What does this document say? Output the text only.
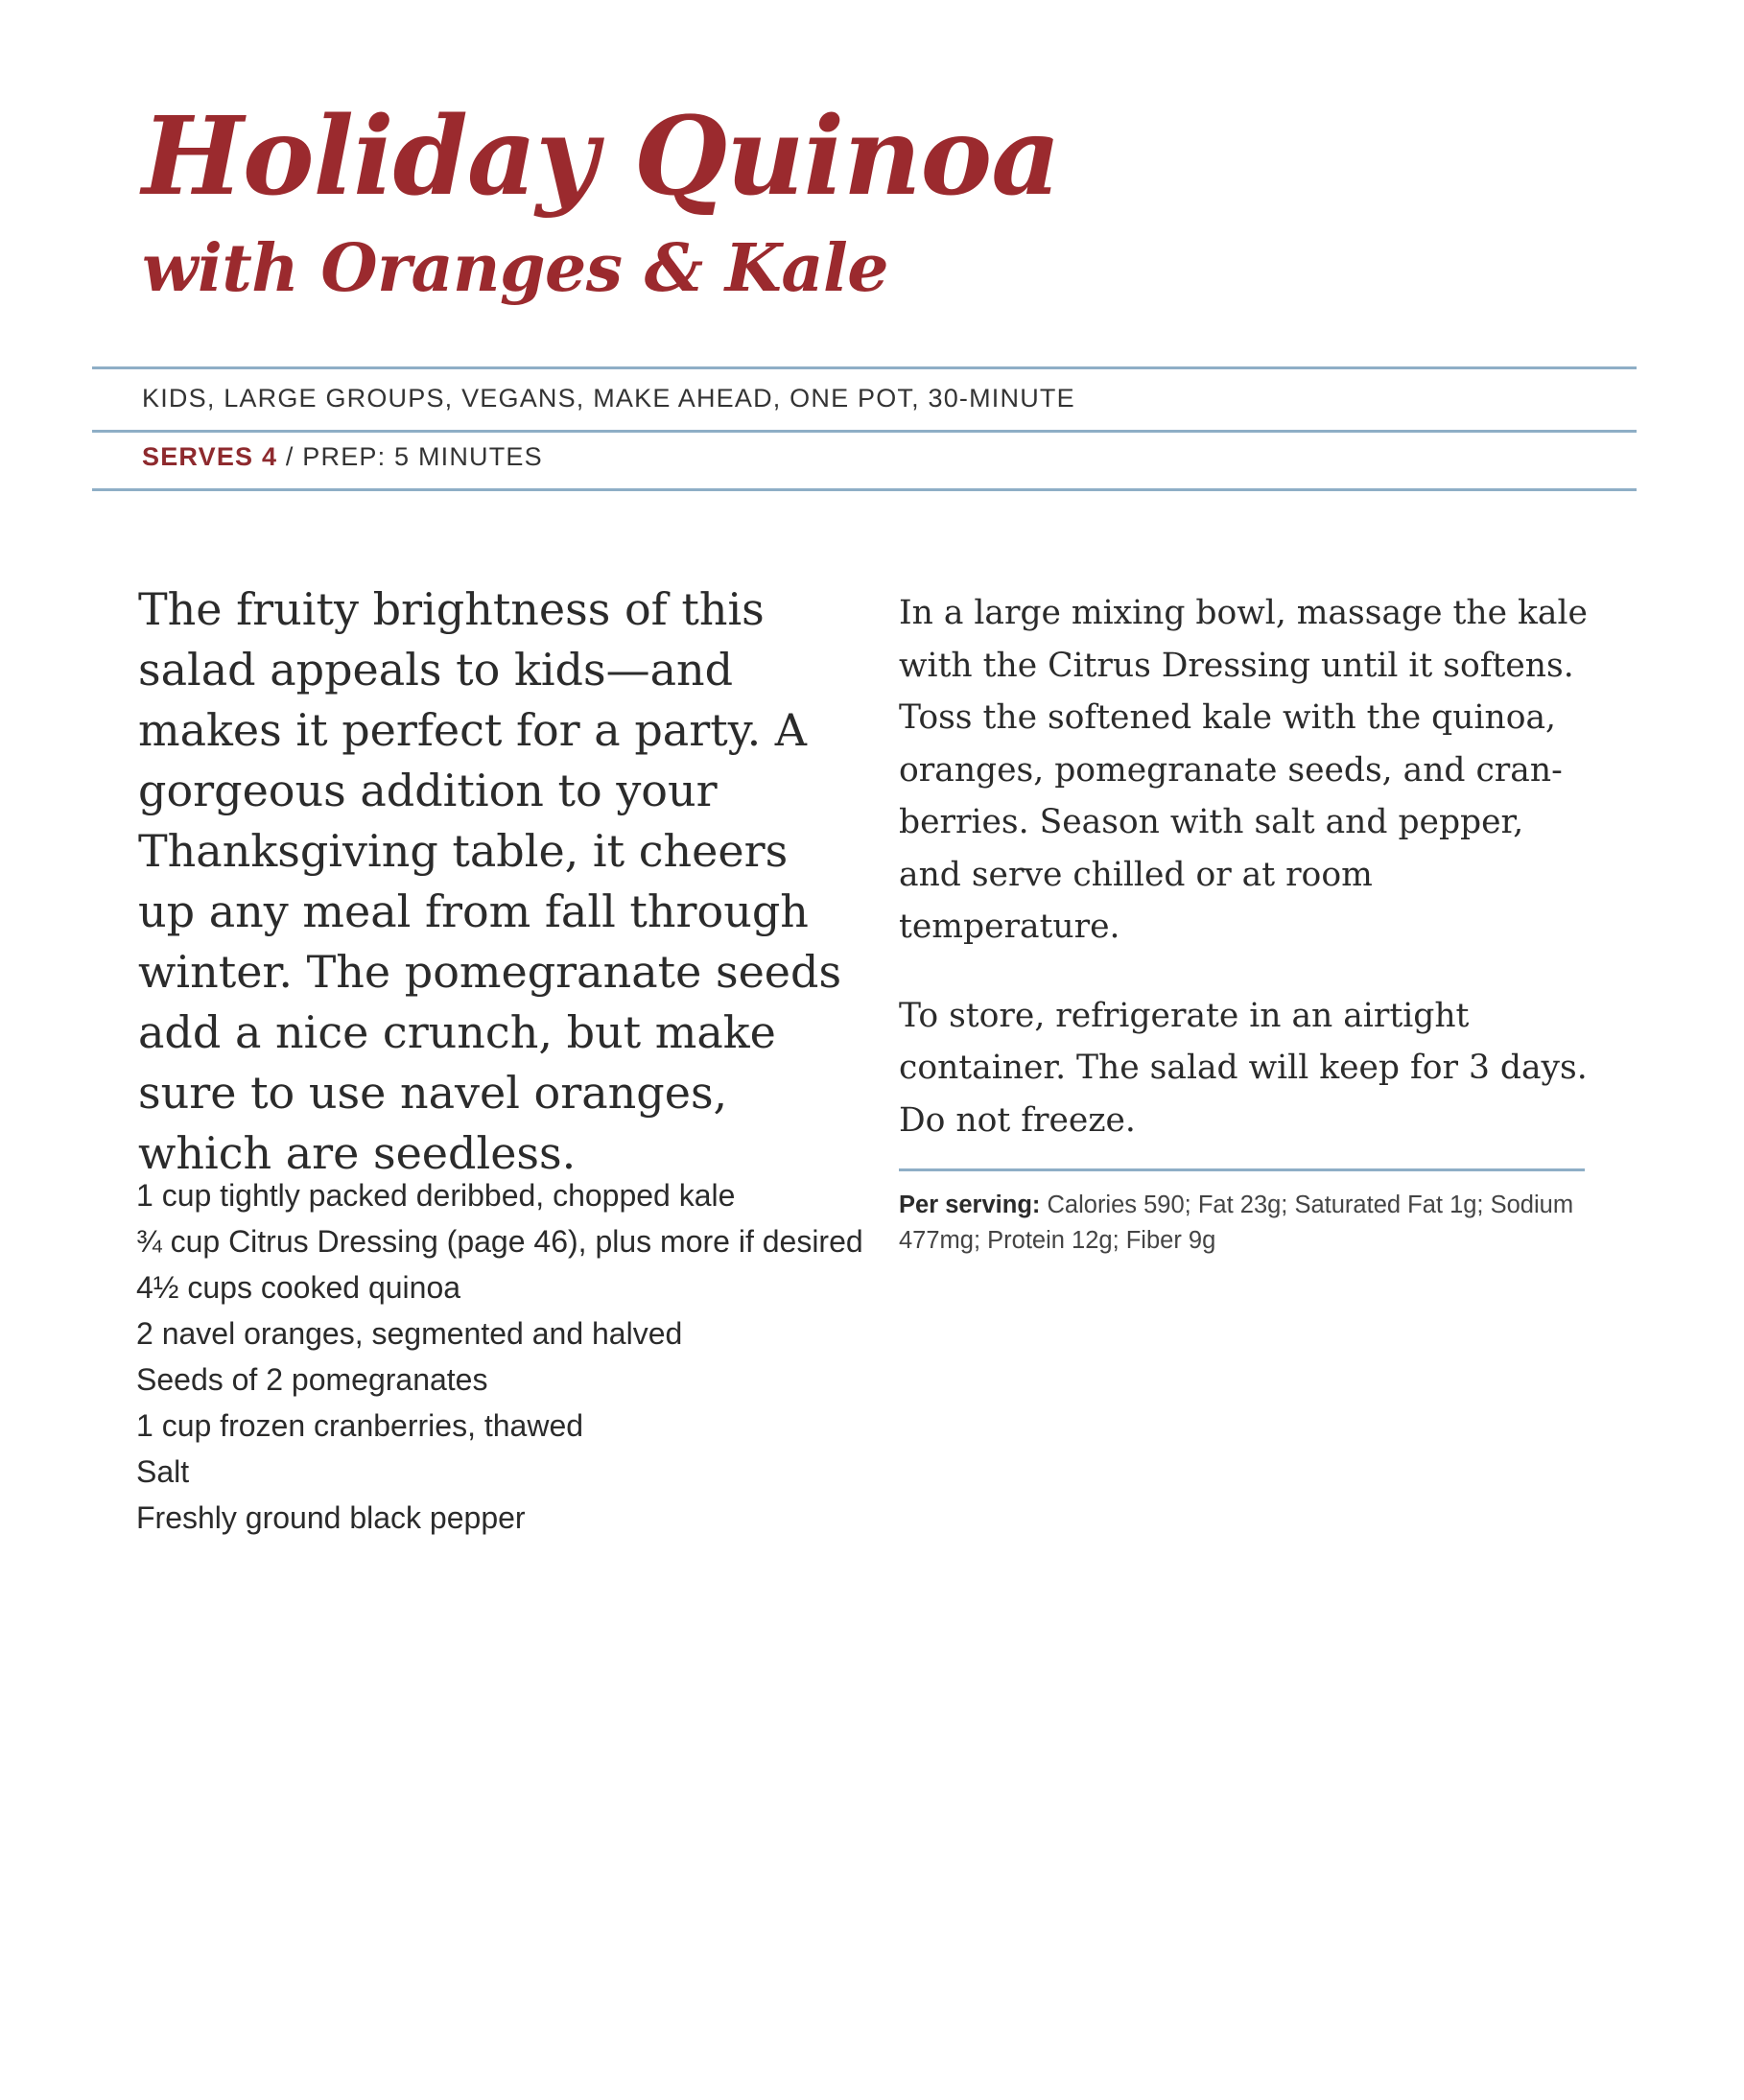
Holiday Quinoa
with Oranges & Kale
KIDS, LARGE GROUPS, VEGANS, MAKE AHEAD, ONE POT, 30-MINUTE
SERVES 4 / PREP: 5 MINUTES

The fruity brightness of this salad appeals to kids—and makes it perfect for a party. A gorgeous addition to your Thanksgiving table, it cheers up any meal from fall through winter. The pomegranate seeds add a nice crunch, but make sure to use navel oranges, which are seedless.

1 cup tightly packed deribbed, chopped kale
¾ cup Citrus Dressing (page 46), plus more if desired
4½ cups cooked quinoa
2 navel oranges, segmented and halved
Seeds of 2 pomegranates
1 cup frozen cranberries, thawed
Salt
Freshly ground black pepper

In a large mixing bowl, massage the kale with the Citrus Dressing until it softens. Toss the softened kale with the quinoa, oranges, pomegranate seeds, and cranberries. Season with salt and pepper, and serve chilled or at room temperature.

To store, refrigerate in an airtight container. The salad will keep for 3 days. Do not freeze.

Per serving: Calories 590; Fat 23g; Saturated Fat 1g; Sodium 477mg; Protein 12g; Fiber 9g
